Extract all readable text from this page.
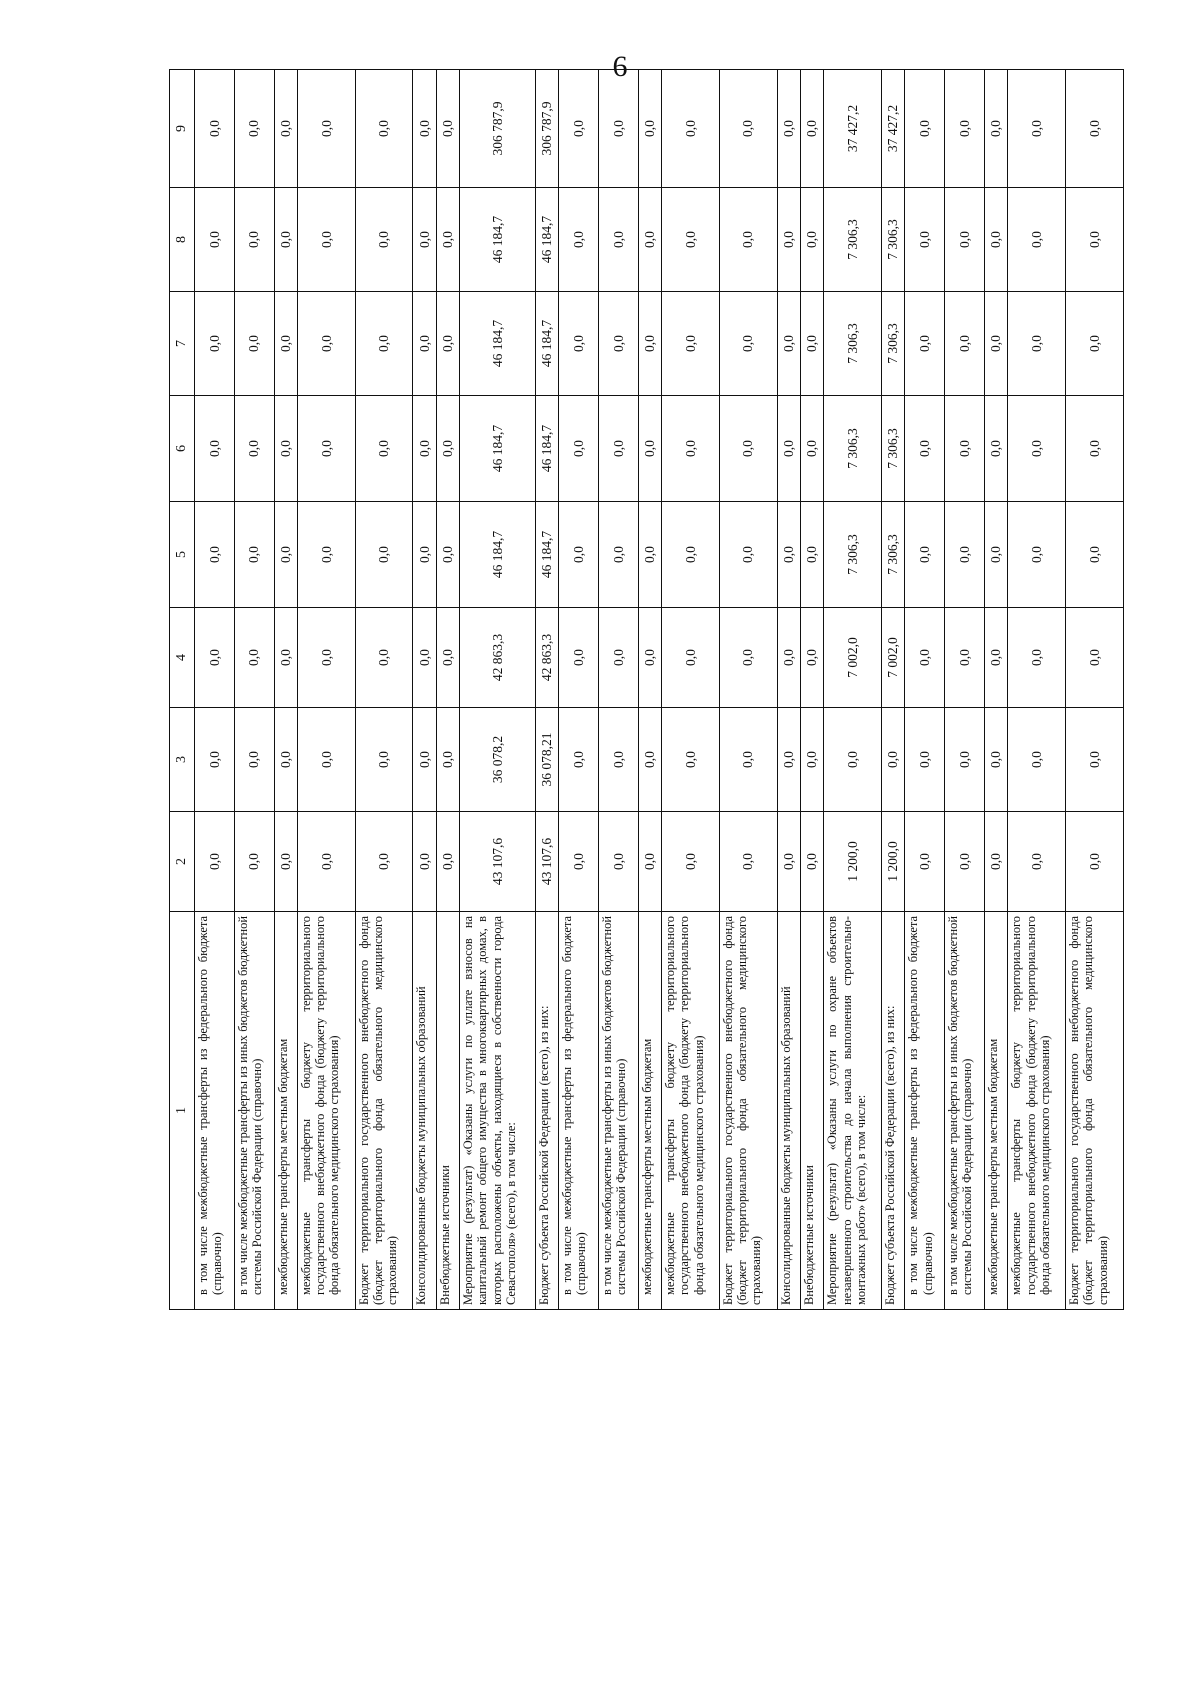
6
1	2	3	4	5	6	7	8	9
в том числе межбюджетные трансферты из федерального бюджета (справочно)	0,0	0,0	0,0	0,0	0,0	0,0	0,0	0,0
в том числе межбюджетные трансферты из иных бюджетов бюджетной системы Российской Федерации (справочно)	0,0	0,0	0,0	0,0	0,0	0,0	0,0	0,0
межбюджетные трансферты местным бюджетам	0,0	0,0	0,0	0,0	0,0	0,0	0,0	0,0
межбюджетные трансферты бюджету территориального государственного внебюджетного фонда (бюджету территориального фонда обязательного медицинского страхования)	0,0	0,0	0,0	0,0	0,0	0,0	0,0	0,0
Бюджет территориального государственного внебюджетного фонда (бюджет территориального фонда обязательного медицинского страхования)	0,0	0,0	0,0	0,0	0,0	0,0	0,0	0,0
Консолидированные бюджеты муниципальных образований	0,0	0,0	0,0	0,0	0,0	0,0	0,0	0,0
Внебюджетные источники	0,0	0,0	0,0	0,0	0,0	0,0	0,0	0,0
Мероприятие (результат) «Оказаны услуги по уплате взносов на капитальный ремонт общего имущества в многоквартирных домах, в которых расположены объекты, находящиеся в собственности города Севастополя» (всего), в том числе:	43 107,6	36 078,2	42 863,3	46 184,7	46 184,7	46 184,7	46 184,7	306 787,9
Бюджет субъекта Российской Федерации (всего), из них:	43 107,6	36 078,21	42 863,3	46 184,7	46 184,7	46 184,7	46 184,7	306 787,9
в том числе межбюджетные трансферты из федерального бюджета (справочно)	0,0	0,0	0,0	0,0	0,0	0,0	0,0	0,0
в том числе межбюджетные трансферты из иных бюджетов бюджетной системы Российской Федерации (справочно)	0,0	0,0	0,0	0,0	0,0	0,0	0,0	0,0
межбюджетные трансферты местным бюджетам	0,0	0,0	0,0	0,0	0,0	0,0	0,0	0,0
межбюджетные трансферты бюджету территориального государственного внебюджетного фонда (бюджету территориального фонда обязательного медицинского страхования)	0,0	0,0	0,0	0,0	0,0	0,0	0,0	0,0
Бюджет территориального государственного внебюджетного фонда (бюджет территориального фонда обязательного медицинского страхования)	0,0	0,0	0,0	0,0	0,0	0,0	0,0	0,0
Консолидированные бюджеты муниципальных образований	0,0	0,0	0,0	0,0	0,0	0,0	0,0	0,0
Внебюджетные источники	0,0	0,0	0,0	0,0	0,0	0,0	0,0	0,0
Мероприятие (результат) «Оказаны услуги по охране объектов незавершенного строительства до начала выполнения строительно-монтажных работ» (всего), в том числе:	1 200,0	0,0	7 002,0	7 306,3	7 306,3	7 306,3	7 306,3	37 427,2
Бюджет субъекта Российской Федерации (всего), из них:	1 200,0	0,0	7 002,0	7 306,3	7 306,3	7 306,3	7 306,3	37 427,2
в том числе межбюджетные трансферты из федерального бюджета (справочно)	0,0	0,0	0,0	0,0	0,0	0,0	0,0	0,0
в том числе межбюджетные трансферты из иных бюджетов бюджетной системы Российской Федерации (справочно)	0,0	0,0	0,0	0,0	0,0	0,0	0,0	0,0
межбюджетные трансферты местным бюджетам	0,0	0,0	0,0	0,0	0,0	0,0	0,0	0,0
межбюджетные трансферты бюджету территориального государственного внебюджетного фонда (бюджету территориального фонда обязательного медицинского страхования)	0,0	0,0	0,0	0,0	0,0	0,0	0,0	0,0
Бюджет территориального государственного внебюджетного фонда (бюджет территориального фонда обязательного медицинского страхования)	0,0	0,0	0,0	0,0	0,0	0,0	0,0	0,0
